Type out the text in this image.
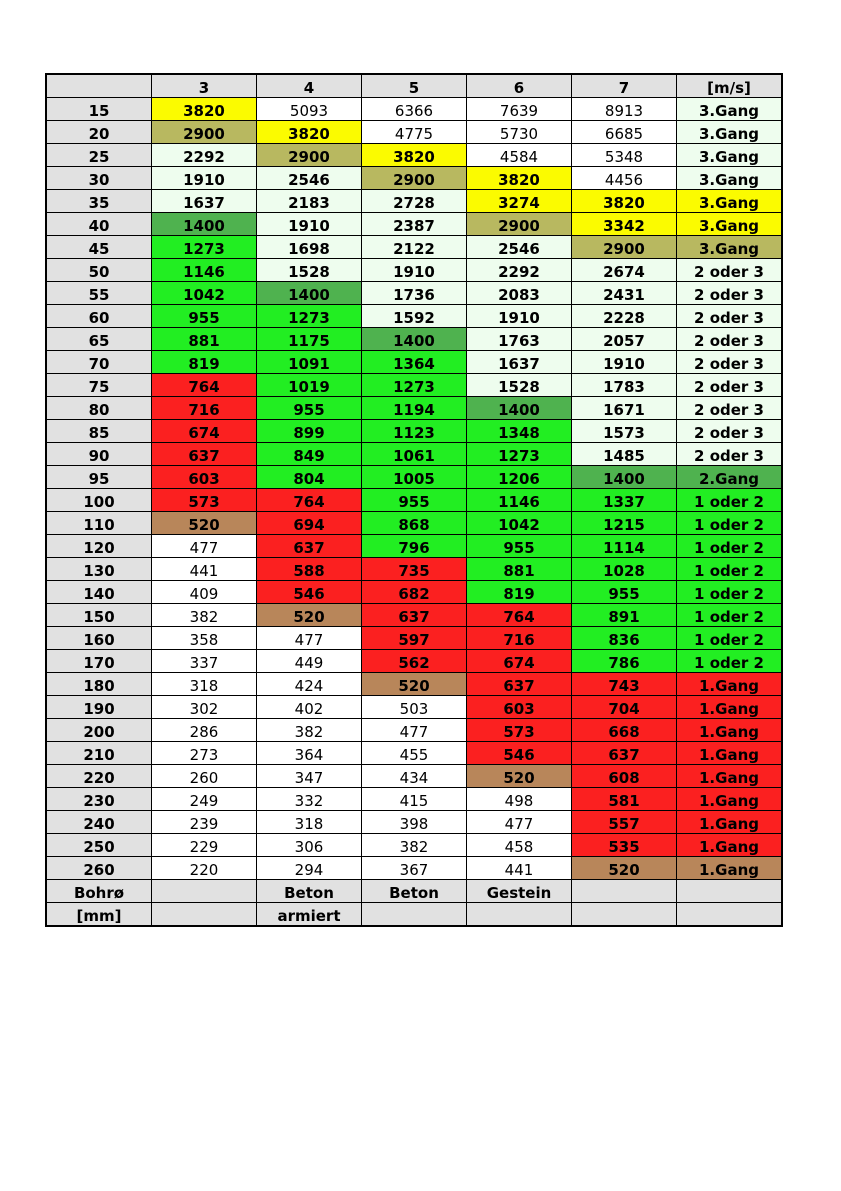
	3	4	5	6	7	[m/s]
15	3820	5093	6366	7639	8913	3.Gang
20	2900	3820	4775	5730	6685	3.Gang
25	2292	2900	3820	4584	5348	3.Gang
30	1910	2546	2900	3820	4456	3.Gang
35	1637	2183	2728	3274	3820	3.Gang
40	1400	1910	2387	2900	3342	3.Gang
45	1273	1698	2122	2546	2900	3.Gang
50	1146	1528	1910	2292	2674	2 oder 3
55	1042	1400	1736	2083	2431	2 oder 3
60	955	1273	1592	1910	2228	2 oder 3
65	881	1175	1400	1763	2057	2 oder 3
70	819	1091	1364	1637	1910	2 oder 3
75	764	1019	1273	1528	1783	2 oder 3
80	716	955	1194	1400	1671	2 oder 3
85	674	899	1123	1348	1573	2 oder 3
90	637	849	1061	1273	1485	2 oder 3
95	603	804	1005	1206	1400	2.Gang
100	573	764	955	1146	1337	1 oder 2
110	520	694	868	1042	1215	1 oder 2
120	477	637	796	955	1114	1 oder 2
130	441	588	735	881	1028	1 oder 2
140	409	546	682	819	955	1 oder 2
150	382	520	637	764	891	1 oder 2
160	358	477	597	716	836	1 oder 2
170	337	449	562	674	786	1 oder 2
180	318	424	520	637	743	1.Gang
190	302	402	503	603	704	1.Gang
200	286	382	477	573	668	1.Gang
210	273	364	455	546	637	1.Gang
220	260	347	434	520	608	1.Gang
230	249	332	415	498	581	1.Gang
240	239	318	398	477	557	1.Gang
250	229	306	382	458	535	1.Gang
260	220	294	367	441	520	1.Gang
Bohrø		Beton	Beton	Gestein		
[mm]		armiert				
